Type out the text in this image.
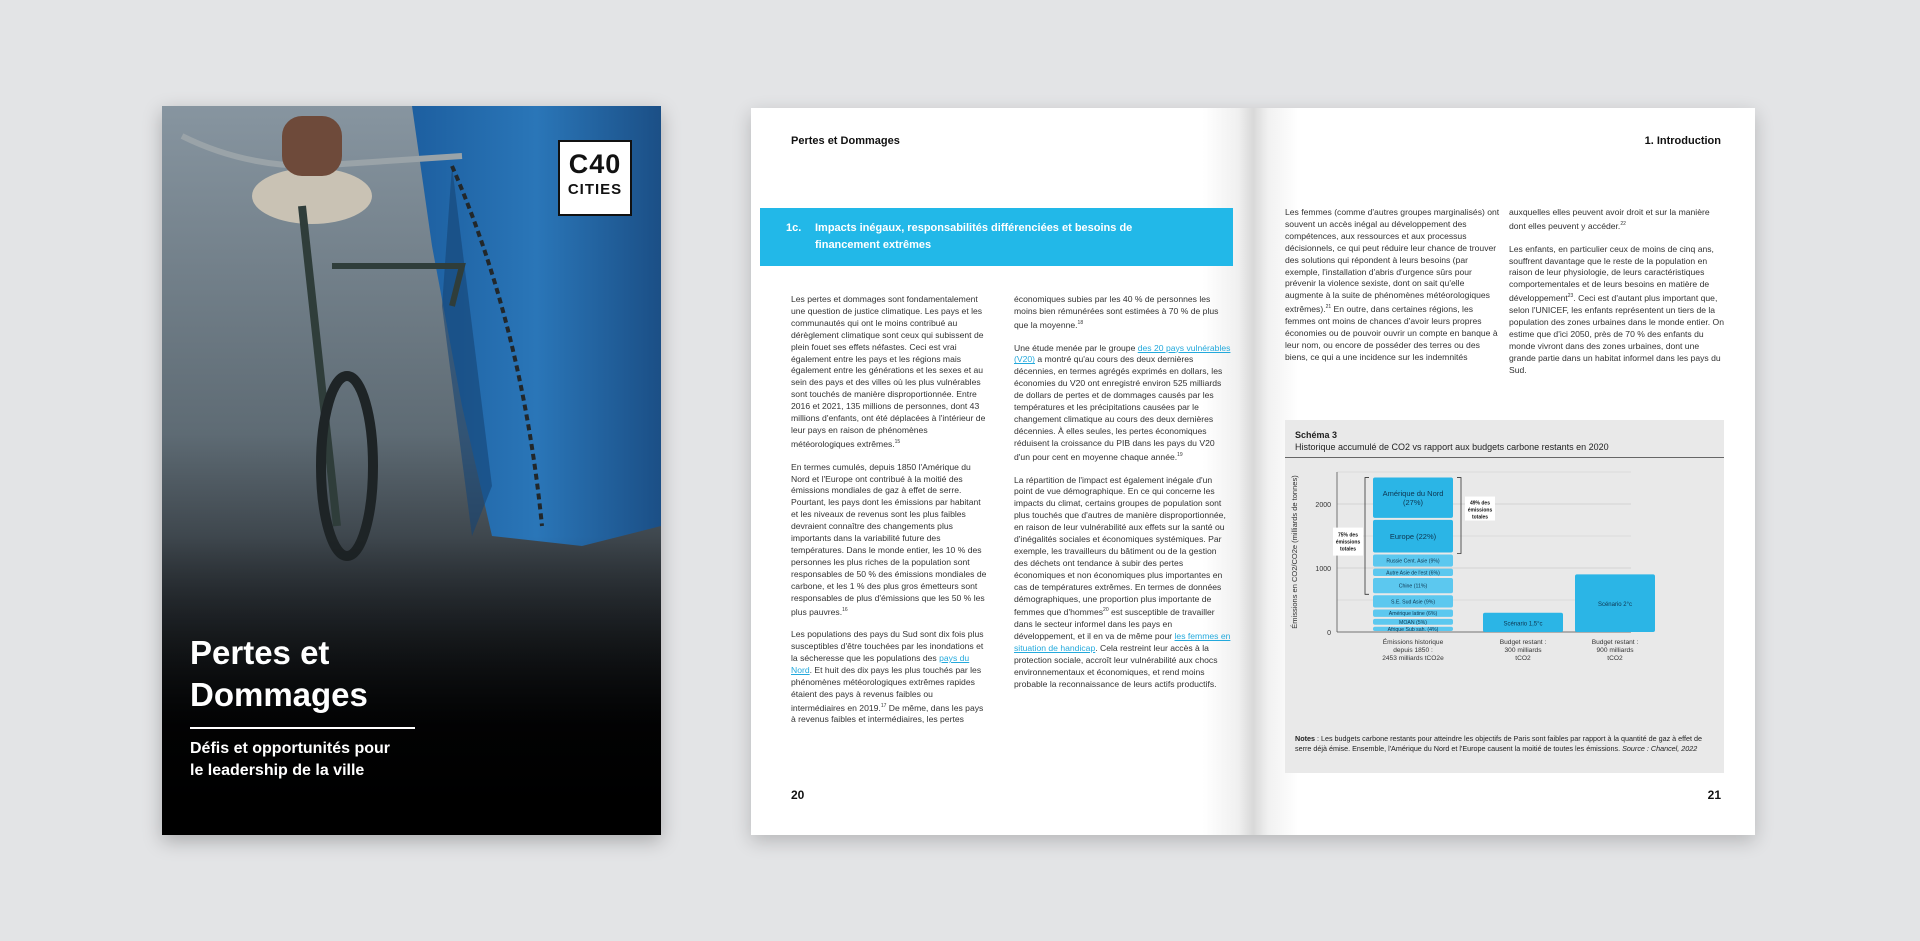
C40
CITIES
Pertes et
Dommages
Défis et opportunités pour
le leadership de la ville
Pertes et Dommages
1c. Impacts inégaux, responsabilités différenciées et besoins de financement extrêmes

Les pertes et dommages sont fondamentalement une question de justice climatique. Les pays et les communautés qui ont le moins contribué au dérèglement climatique sont ceux qui subissent de plein fouet ses effets néfastes. Ceci est vrai également entre les pays et les régions mais également entre les générations et les sexes et au sein des pays et des villes où les plus vulnérables sont touchés de manière disproportionnée. Entre 2016 et 2021, 135 millions de personnes, dont 43 millions d'enfants, ont été déplacées à l'intérieur de leur pays en raison de phénomènes météorologiques extrêmes.$^{15}$

En termes cumulés, depuis 1850 l'Amérique du Nord et l'Europe ont contribué à la moitié des émissions mondiales de gaz à effet de serre. Pourtant, les pays dont les émissions par habitant et les niveaux de revenus sont les plus faibles devraient connaître des changements plus importants dans la variabilité future des températures. Dans le monde entier, les 10 % des personnes les plus riches de la population sont responsables de 50 % des émissions mondiales de carbone, et les 1 % des plus gros émetteurs sont responsables de plus d'émissions que les 50 % les plus pauvres.$^{16}$

Les populations des pays du Sud sont dix fois plus susceptibles d'être touchées par les inondations et la sécheresse que les populations des pays du Nord. Et huit des dix pays les plus touchés par les phénomènes météorologiques extrêmes rapides étaient des pays à revenus faibles ou intermédiaires en 2019.17 De même, dans les pays à revenus faibles et intermédiaires, les pertes

économiques subies par les 40 % de personnes les moins bien rémunérées sont estimées à 70 % de plus que la moyenne.$^{18}$

Une étude menée par le groupe des 20 pays vulnérables (V20) a montré qu'au cours des deux dernières décennies, en termes agrégés exprimés en dollars, les économies du V20 ont enregistré environ 525 milliards de dollars de pertes et de dommages causés par les températures et les précipitations causées par le changement climatique au cours des deux dernières décennies. À elles seules, les pertes économiques réduisent la croissance du PIB dans les pays du V20 d'un pour cent en moyenne chaque année.$^{19}$

La répartition de l'impact est également inégale d'un point de vue démographique. En ce qui concerne les impacts du climat, certains groupes de population sont plus touchés que d'autres de manière disproportionnée, en raison de leur vulnérabilité aux effets sur la santé ou d'inégalités sociales et économiques systémiques. Par exemple, les travailleurs du bâtiment ou de la gestion des déchets ont tendance à subir des pertes économiques et non économiques plus importantes en cas de températures extrêmes. En termes de données démographiques, une proportion plus importante de femmes que d'hommes$^{20}$ est susceptible de travailler dans le secteur informel dans les pays en développement, et il en va de même pour les femmes en situation de handicap. Cela restreint leur accès à la protection sociale, accroît leur vulnérabilité aux chocs environnementaux et économiques, et rend moins probable la reconnaissance de leurs actifs productifs.

20
1. Introduction

Les femmes (comme d'autres groupes marginalisés) ont souvent un accès inégal au développement des compétences, aux ressources et aux processus décisionnels, ce qui peut réduire leur chance de trouver des solutions qui répondent à leurs besoins (par exemple, l'installation d'abris d'urgence sûrs pour prévenir la violence sexiste, dont on sait qu'elle augmente à la suite de phénomènes météorologiques extrêmes).$^{21}$ En outre, dans certaines régions, les femmes ont moins de chances d'avoir leurs propres économies ou de pouvoir ouvrir un compte en banque à leur nom, ou encore de posséder des terres ou des biens, ce qui a une incidence sur les indemnités

auxquelles elles peuvent avoir droit et sur la manière dont elles peuvent y accéder.$^{22}$

Les enfants, en particulier ceux de moins de cinq ans, souffrent davantage que le reste de la population en raison de leur physiologie, de leurs caractéristiques comportementales et de leurs besoins en matière de développement$^{23}$. Ceci est d'autant plus important que, selon l'UNICEF, les enfants représentent un tiers de la population des zones urbaines dans le monde entier. On estime que d'ici 2050, près de 70 % des enfants du monde vivront dans des zones urbaines, dont une grande partie dans un habitat informel dans les pays du Sud.

Schéma 3
Historique accumulé de CO2 vs rapport aux budgets carbone restants en 2020
0
1000
2000
Émissions en CO2/CO2e (milliards de tonnes)
Afrique Sub sah. (4%)
MOAN (5%)
Amérique latine (6%)
S.E. Sud Asie (9%)
Chine (11%)
Autre Asie de l'est (6%)
Russie Cent. Asie (9%)
Europe (22%)
Amérique du Nord
(27%)
Scénario 1,5°c
Scénario 2°c
Émissions historique
depuis 1850 :
2453 milliards tCO2e
Budget restant :
300 milliards
tCO2
Budget restant :
900 milliards
tCO2
49% des
émissions
totales
75% des
émissions
totales
Notes : Les budgets carbone restants pour atteindre les objectifs de Paris sont faibles par rapport à la quantité de gaz à effet de serre déjà émise. Ensemble, l'Amérique du Nord et l'Europe causent la moitié de toutes les émissions. Source : Chancel, 2022
21
